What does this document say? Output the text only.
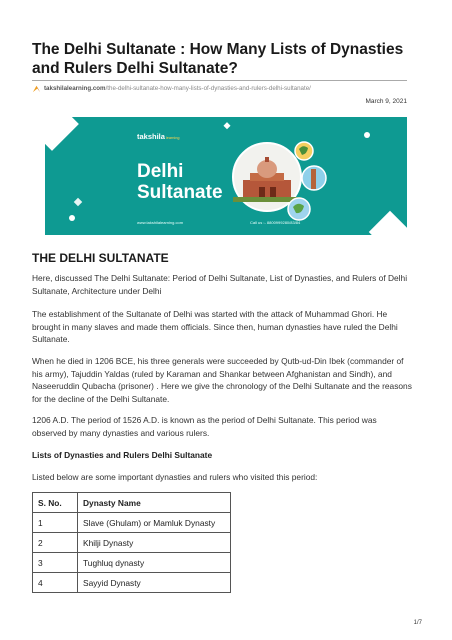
The Delhi Sultanate : How Many Lists of Dynasties and Rulers Delhi Sultanate?
takshilalearning.com /the-delhi-sultanate-how-many-lists-of-dynasties-and-rulers-delhi-sultanate/
March 9, 2021
takshilalearning
Delhi
Sultanate
www.takshilalearning.com	Call us :- 8800999280/83/84
THE DELHI SULTANATE
Here, discussed The Delhi Sultanate: Period of Delhi Sultanate, List of Dynasties, and Rulers of Delhi Sultanate, Architecture under Delhi
The establishment of the Sultanate of Delhi was started with the attack of Muhammad Ghori. He brought in many slaves and made them officials. Since then, human dynasties have ruled the Delhi Sultanate.
When he died in 1206 BCE, his three generals were succeeded by Qutb-ud-Din Ibek (commander of his army), Tajuddin Yaldas (ruled by Karaman and Shankar between Afghanistan and Sindh), and Naseeruddin Qubacha (prisoner) . Here we give the chronology of the Delhi Sultanate and the reasons for the decline of the Delhi Sultanate.
1206 A.D. The period of 1526 A.D. is known as the period of Delhi Sultanate. This period was observed by many dynasties and various rulers.
Lists of Dynasties and Rulers Delhi Sultanate
Listed below are some important dynasties and rulers who visited this period:
S. No.	Dynasty Name
1	Slave (Ghulam) or Mamluk Dynasty
2	Khilji Dynasty
3	Tughluq dynasty
4	Sayyid Dynasty
1/7
